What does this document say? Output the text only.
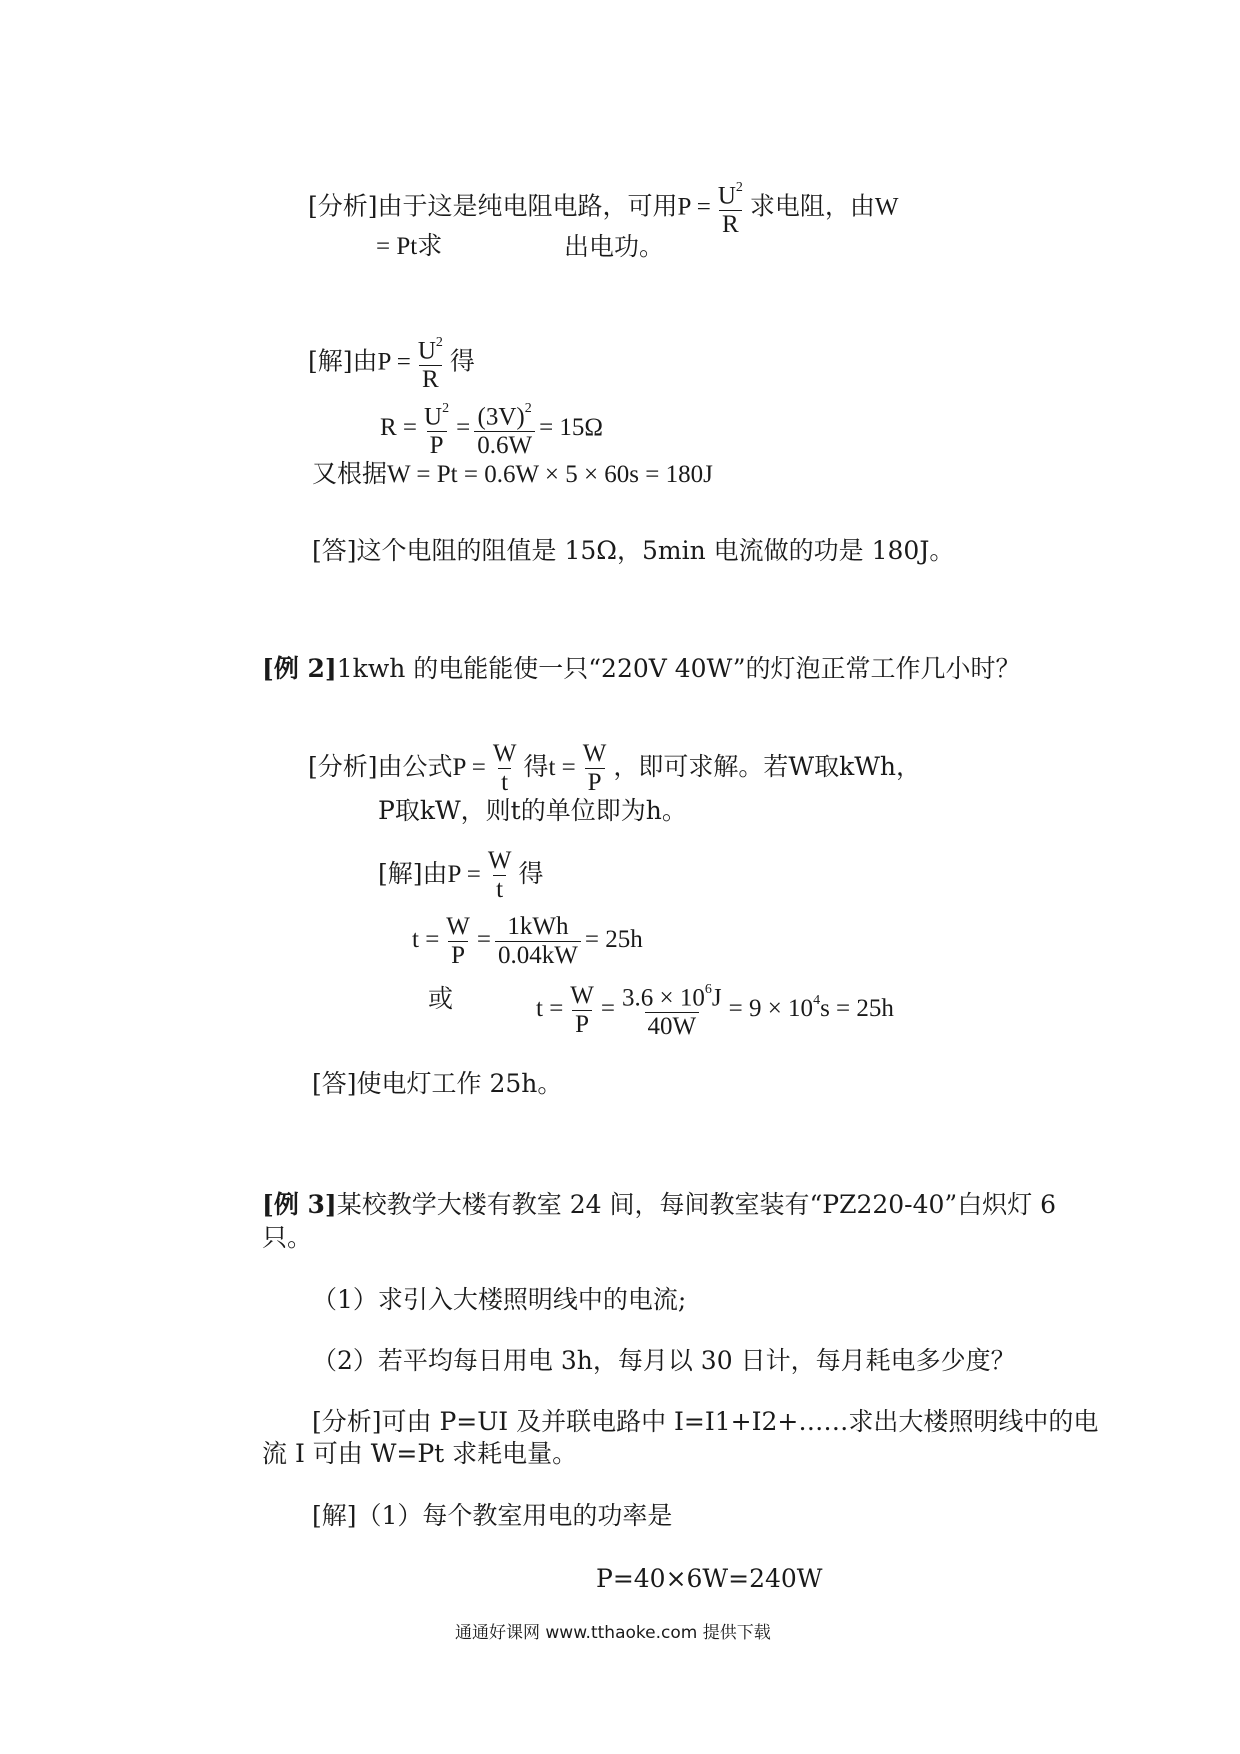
[分析]由于这是纯电阻电路，可用$P = \frac{U^2}{R}$ 求电阻，由W
= Pt求	出电功。
[解]由$P = \frac{U^2}{R}$ 得
$R = \frac{U^2}{P} = \frac{(3V)^2}{0.6W} = 15\Omega$
又根据W = Pt = 0.6W × 5 × 60s = 180J
[答]这个电阻的阻值是 15Ω，5min 电流做的功是 180J。
[例 2]1kwh 的电能能使一只“220V 40W”的灯泡正常工作几小时？
[分析]由公式$P = \frac{W}{t}$ 得$t = \frac{W}{P}$ ，即可求解。若W取kWh，
P取kW，则t的单位即为h。
[解]由$P = \frac{W}{t}$ 得
$t = \frac{W}{P} = \frac{\text{1kWh}}{0.04kW} = 25h$
或	$t = \frac{W}{P} = \frac{3.6 \times 10^6J}{40W} = 9 \times 10^4s = 25h$
[答]使电灯工作 25h。
[例 3]某校教学大楼有教室 24 间，每间教室装有“PZ220-40”白炽灯 6
只。
（1）求引入大楼照明线中的电流;
（2）若平均每日用电 3h，每月以 30 日计，每月耗电多少度？
[分析]可由 P=UI 及并联电路中 I=I1+I2+……求出大楼照明线中的电
流 I 可由 W=Pt 求耗电量。
[解]（1）每个教室用电的功率是
P=40×6W=240W
通通好课网 www.tthaoke.com 提供下载
